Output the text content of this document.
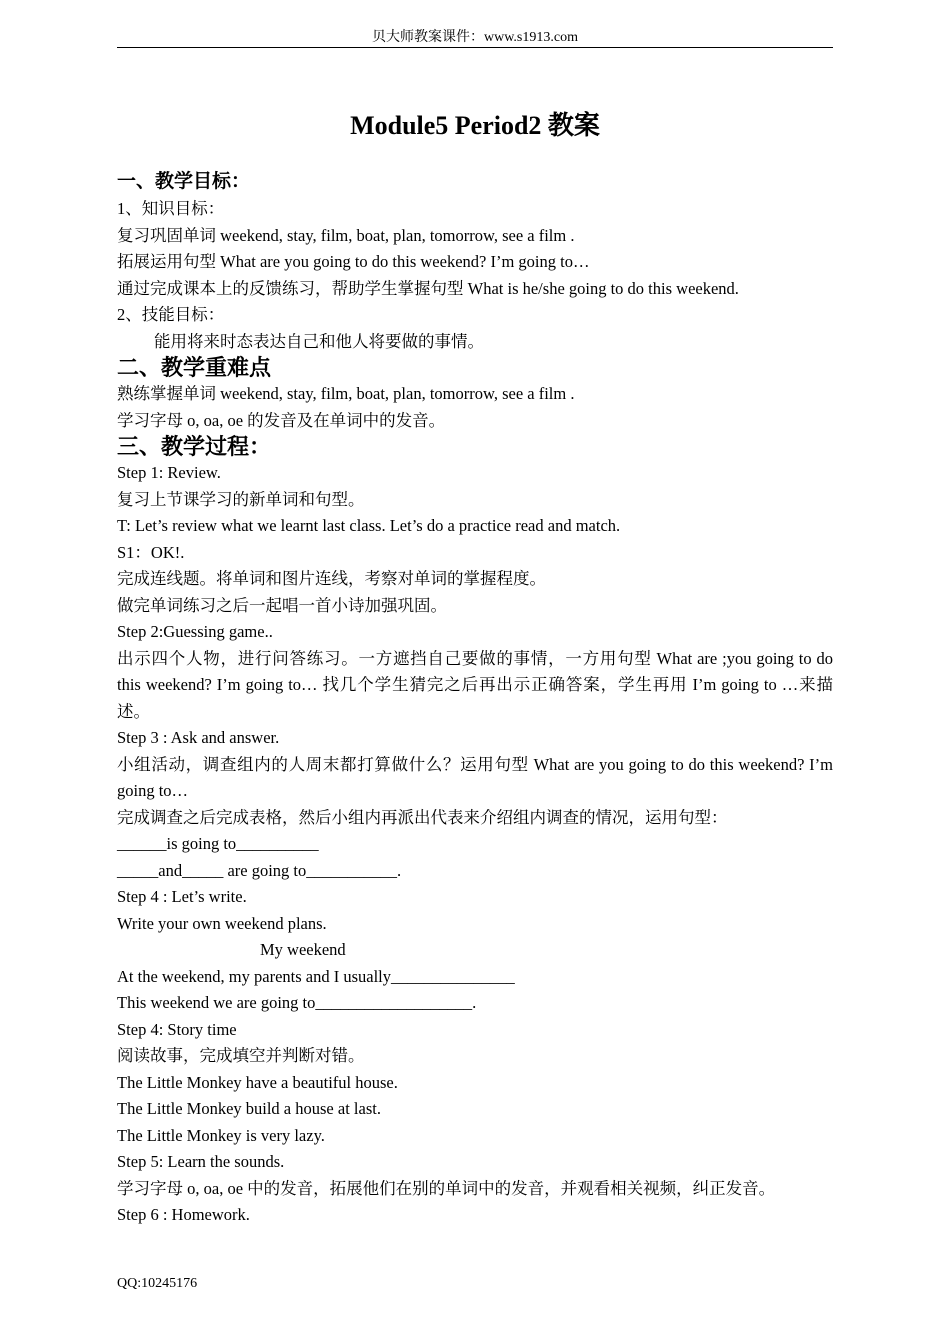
贝大师教案课件：www.s1913.com
Module5 Period2 教案
一、教学目标：
1、知识目标：
复习巩固单词 weekend, stay, film, boat, plan, tomorrow, see a film .
拓展运用句型 What are you going to do this weekend? I’m going to…
通过完成课本上的反馈练习，帮助学生掌握句型 What is he/she going to do this weekend.
2、技能目标：
能用将来时态表达自己和他人将要做的事情。
二、教学重难点
熟练掌握单词 weekend, stay, film, boat, plan, tomorrow, see a film .
学习字母 o, oa, oe 的发音及在单词中的发音。
三、教学过程：
Step 1: Review.
复习上节课学习的新单词和句型。
T: Let’s review what we learnt last class. Let’s do a practice read and match.
S1：OK!.
完成连线题。将单词和图片连线，考察对单词的掌握程度。
做完单词练习之后一起唱一首小诗加强巩固。
Step 2:Guessing game..
出示四个人物，进行问答练习。一方遮挡自己要做的事情，一方用句型 What are ;you going to do this weekend? I’m going to… 找几个学生猜完之后再出示正确答案，学生再用 I’m going to …来描述。
Step 3 : Ask and answer.
小组活动，调查组内的人周末都打算做什么？运用句型 What are you going to do this weekend? I’m going to…
完成调查之后完成表格，然后小组内再派出代表来介绍组内调查的情况，运用句型：
______is going to__________
_____and_____ are going to___________.
Step 4 : Let’s write.
Write your own weekend plans.
My weekend
At the weekend, my parents and I usually_______________
This weekend we are going to___________________.
Step 4: Story time
阅读故事，完成填空并判断对错。
The Little Monkey have a beautiful house.
The Little Monkey build a house at last.
The Little Monkey is very lazy.
Step 5: Learn the sounds.
学习字母 o, oa, oe 中的发音，拓展他们在别的单词中的发音，并观看相关视频，纠正发音。
Step 6 : Homework.
QQ:10245176
